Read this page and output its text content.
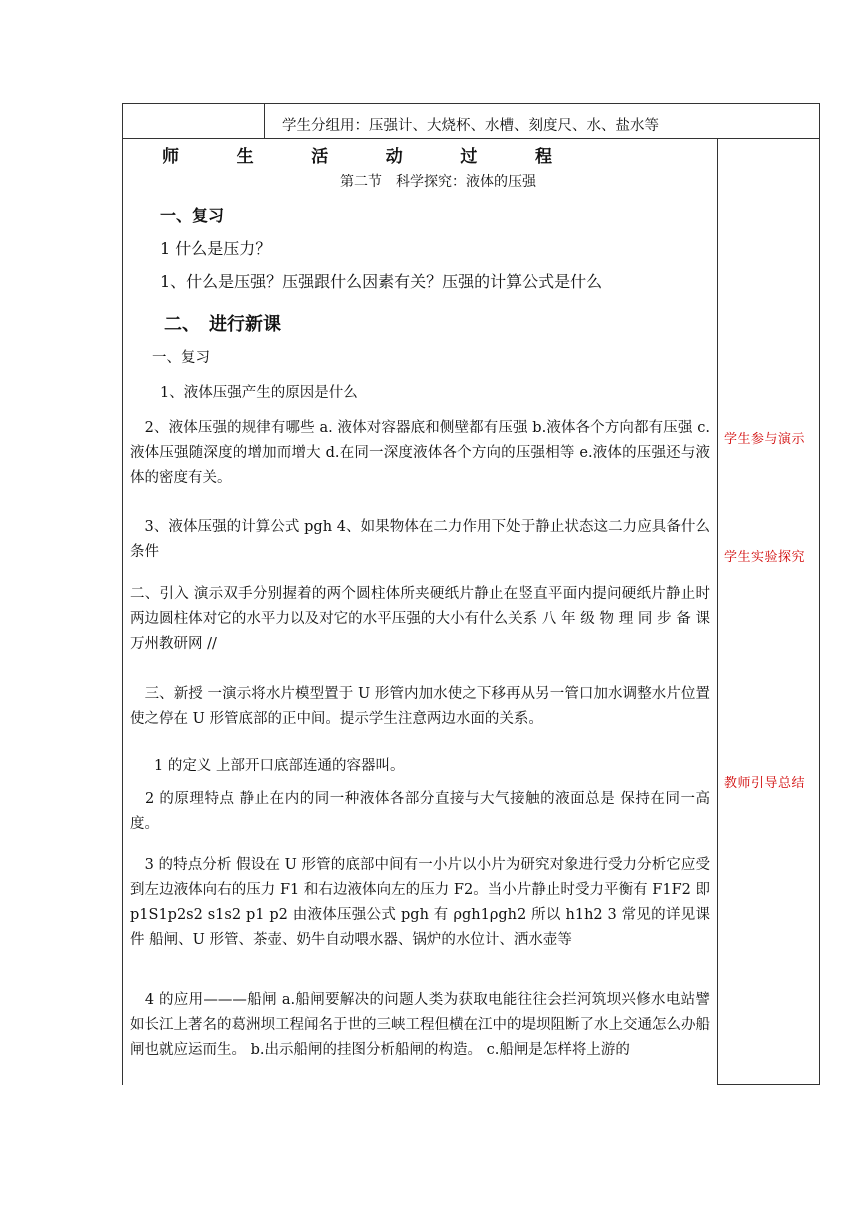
学生分组用：压强计、大烧杯、水槽、刻度尺、水、盐水等
师	生	活	动	过	程
第二节　科学探究：液体的压强
一、复习
1 什么是压力？
1、什么是压强？压强跟什么因素有关？压强的计算公式是什么
二、　进行新课
一、复习
1、液体压强产生的原因是什么
　2、液体压强的规律有哪些 a. 液体对容器底和侧壁都有压强 b.液体各个方向都有压强 c.液体压强随深度的增加而增大 d.在同一深度液体各个方向的压强相等 e.液体的压强还与液体的密度有关。
　3、液体压强的计算公式 pgh 4、如果物体在二力作用下处于静止状态这二力应具备什么条件
二、引入 演示双手分别握着的两个圆柱体所夹硬纸片静止在竖直平面内提问硬纸片静止时两边圆柱体对它的水平力以及对它的水平压强的大小有什么关系 八 年 级 物 理 同 步 备 课 万州教研网 //
　三、新授 一演示将水片模型置于 U 形管内加水使之下移再从另一管口加水调整水片位置使之停在 U 形管底部的正中间。提示学生注意两边水面的关系。
1 的定义 上部开口底部连通的容器叫。
　2 的原理特点 静止在内的同一种液体各部分直接与大气接触的液面总是 保持在同一高度。
　3 的特点分析 假设在 U 形管的底部中间有一小片以小片为研究对象进行受力分析它应受到左边液体向右的压力 F1 和右边液体向左的压力 F2。当小片静止时受力平衡有 F1F2 即 p1S1p2s2 s1s2 p1 p2 由液体压强公式 pgh 有 ρgh1ρgh2 所以 h1h2 3 常见的详见课件 船闸、U 形管、茶壶、奶牛自动喂水器、锅炉的水位计、洒水壶等
　4 的应用———船闸 a.船闸要解决的问题人类为获取电能往往会拦河筑坝兴修水电站譬如长江上著名的葛洲坝工程闻名于世的三峡工程但横在江中的堤坝阻断了水上交通怎么办船闸也就应运而生。 b.出示船闸的挂图分析船闸的构造。 c.船闸是怎样将上游的
学生参与演示
学生实验探究
教师引导总结
